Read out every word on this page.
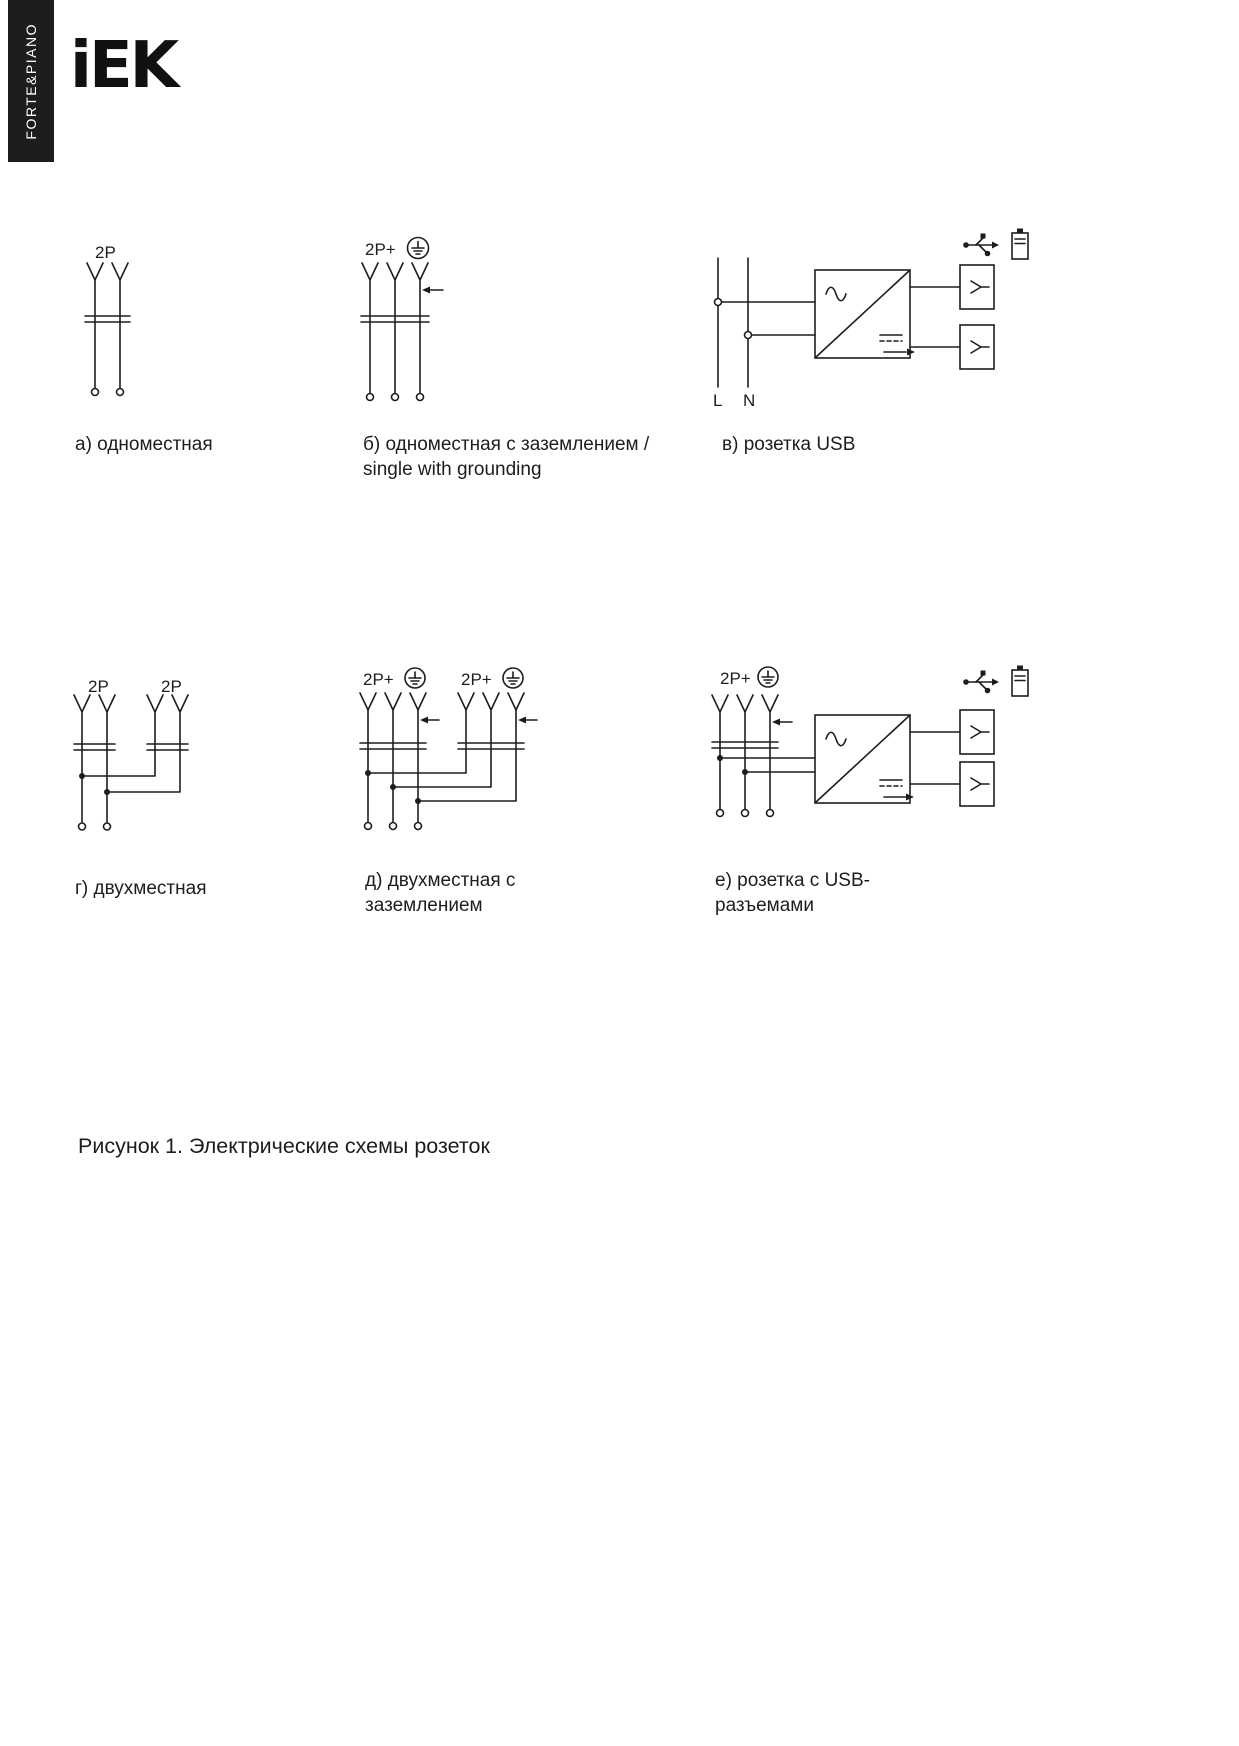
FORTE&PIANO iEK
2P	2P+
L N
2P	2P	2P+	2P+	2P+
а) одноместная	б) одноместная с заземлением / single with grounding
в) розетка USB
г) двухместная	д) двухместная с заземлением
е) розетка с USB-разъемами
Рисунок 1. Электрические схемы розеток
